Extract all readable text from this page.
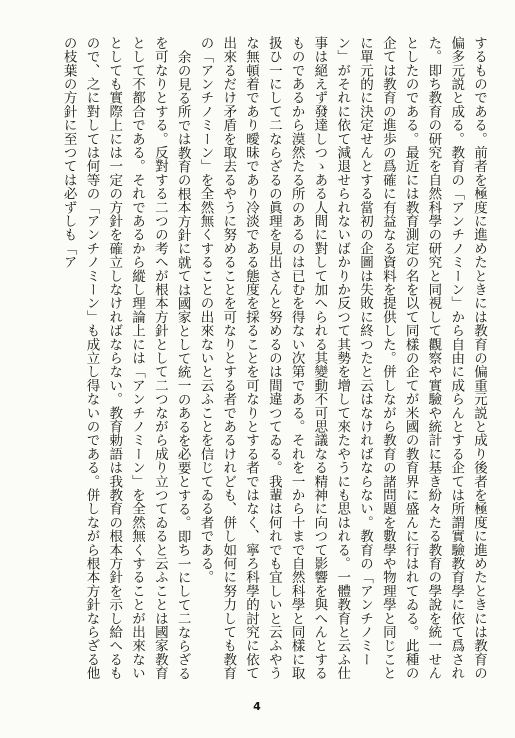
するものである。前者を極度に進めたときには教育の偏重元説と成り後者を極度に進めたときには教育の偏多元説と成る。教育の「アンチノミーン」から自由に成らんとする企ては所謂實驗教育學に依て爲された。即ち教育の研究を自然科學の研究と同視して觀察や實驗や統計に基き紛々たる教育の學說を統一せんとしたのである。最近には教育測定の名を以て同樣の企てが米國の教育界に盛んに行はれてゐる。此種の企ては教育の進歩の爲確に有益なる資料を提供した。併しながら教育の諸問題を數學や物理學と同じことに單元的に決定せんとする當初の企圖は失敗に終つたと云はなければならない。教育の「アンチノミーン」がそれに依て減退せられないばかりか反つて其勢を增して來たやうにも思はれる。一體教育と云ふ仕事は絕えず發達しつゝある人間に對して加へられる其變動不可思議なる精神に向つて影響を與へんとするものであるから漠然たる所のあるのは已むを得ない次第である。それを一から十まで自然科學と同樣に取扱ひ一にして二ならざるの眞理を見出さんと努めるのは間違つてゐる。我輩は何れでも宜しいと云ふやうな無頓着であり曖昧であり冷淡である態度を採ることを可なりとする者ではなく、寧ろ科學的討究に依て出來るだけ矛盾を取去るやうに努めることを可なりとする者であるけれども、併し如何に努力しても教育の「アンチノミーン」を全然無くすることの出來ないと云ふことを信じてゐる者である。

余の見る所では教育の根本方針に就ては國家として統一のあるを必要とする。即ち一にして二ならざるを可なりとする。反對する二つの考へが根本方針として二つながら成り立つてゐると云ふことは國家教育として不都合である。それであるから縱し理論上には「アンチノミーン」を全然無くすることが出來ないとしても實際上には一定の方針を確立しなければならない。教育勅語は我教育の根本方針を示し給へるもので、之に對しては何等の「アンチノミーン」も成立し得ないのである。併しながら根本方針ならざる他の枝葉の方針に至つては必ずしも「ア

4
